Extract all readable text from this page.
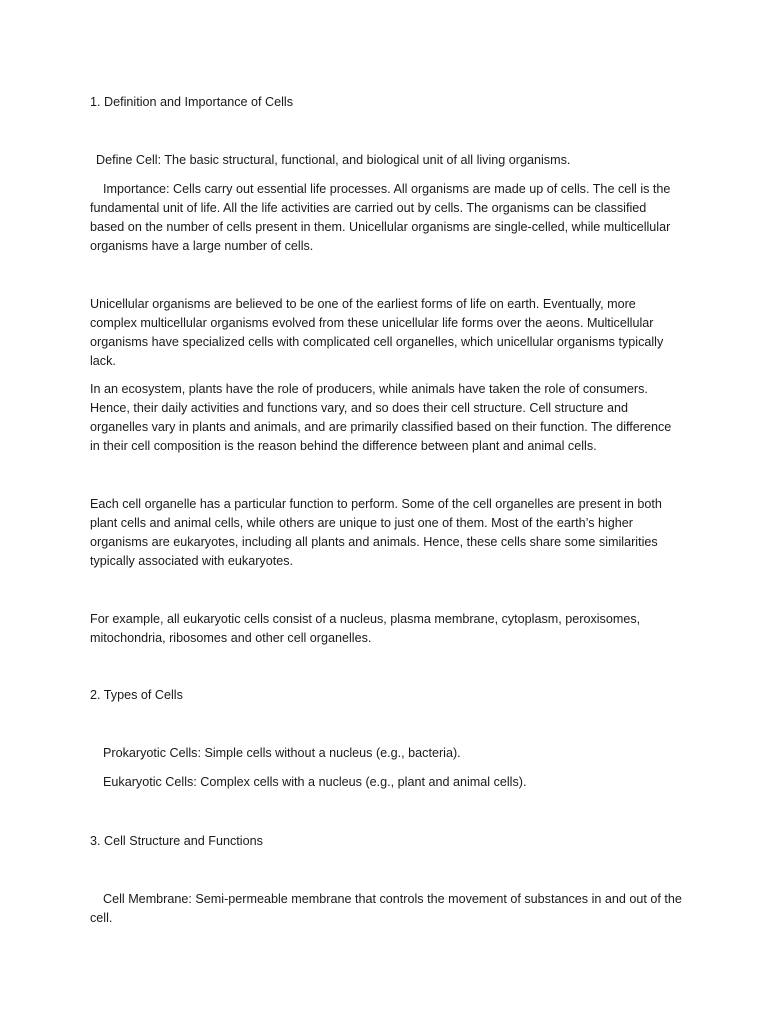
1. Definition and Importance of Cells

Define Cell: The basic structural, functional, and biological unit of all living organisms.

Importance: Cells carry out essential life processes. All organisms are made up of cells. The cell is the fundamental unit of life. All the life activities are carried out by cells. The organisms can be classified based on the number of cells present in them. Unicellular organisms are single-celled, while multicellular organisms have a large number of cells.

Unicellular organisms are believed to be one of the earliest forms of life on earth. Eventually, more complex multicellular organisms evolved from these unicellular life forms over the aeons. Multicellular organisms have specialized cells with complicated cell organelles, which unicellular organisms typically lack.

In an ecosystem, plants have the role of producers, while animals have taken the role of consumers. Hence, their daily activities and functions vary, and so does their cell structure. Cell structure and organelles vary in plants and animals, and are primarily classified based on their function. The difference in their cell composition is the reason behind the difference between plant and animal cells.

Each cell organelle has a particular function to perform. Some of the cell organelles are present in both plant cells and animal cells, while others are unique to just one of them. Most of the earth’s higher organisms are eukaryotes, including all plants and animals. Hence, these cells share some similarities typically associated with eukaryotes.

For example, all eukaryotic cells consist of a nucleus, plasma membrane, cytoplasm, peroxisomes, mitochondria, ribosomes and other cell organelles.

2. Types of Cells

Prokaryotic Cells: Simple cells without a nucleus (e.g., bacteria).

Eukaryotic Cells: Complex cells with a nucleus (e.g., plant and animal cells).

3. Cell Structure and Functions

Cell Membrane: Semi-permeable membrane that controls the movement of substances in and out of the cell.
